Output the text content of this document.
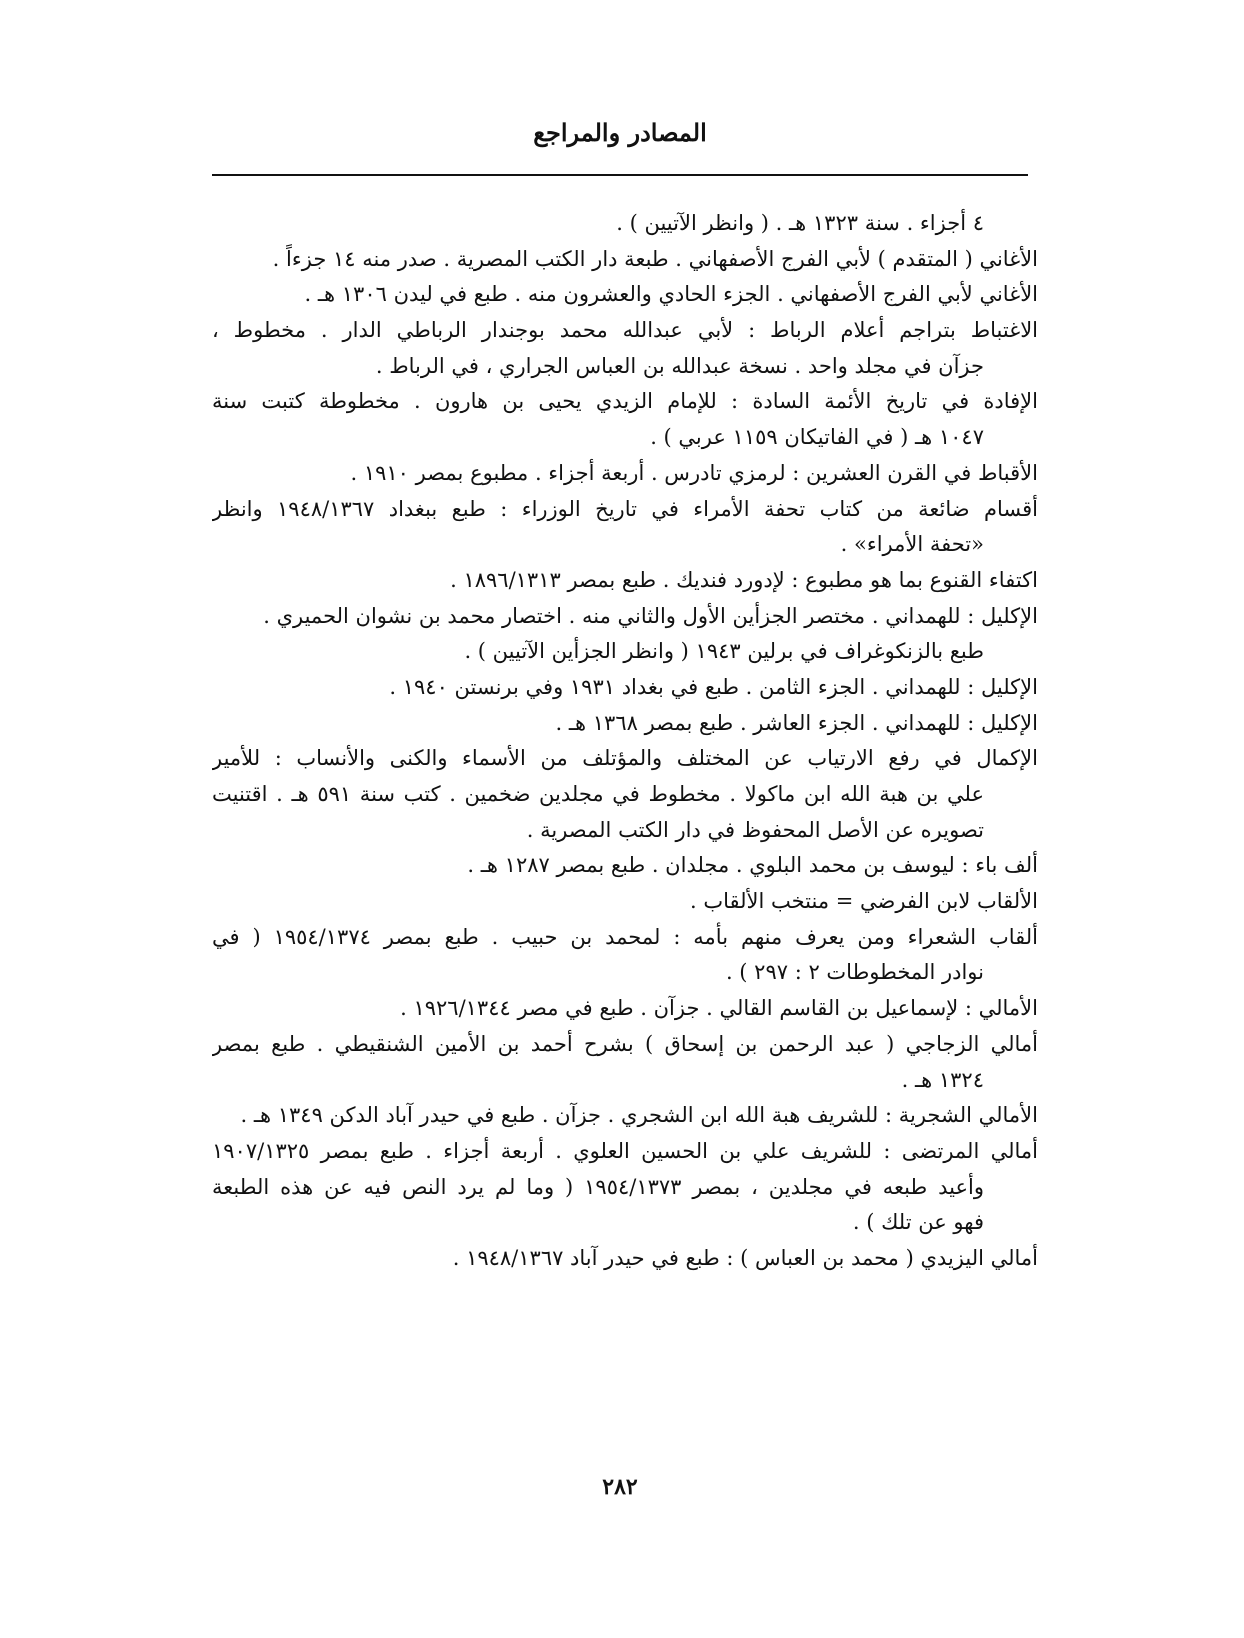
المصادر والمراجع
٤ أجزاء . سنة ١٣٢٣ هـ . ( وانظر الآتيين ) .
الأغاني ( المتقدم ) لأبي الفرج الأصفهاني . طبعة دار الكتب المصرية . صدر منه ١٤ جزءاً .
الأغاني لأبي الفرج الأصفهاني . الجزء الحادي والعشرون منه . طبع في ليدن ١٣٠٦ هـ .
الاغتباط بتراجم أعلام الرباط : لأبي عبدالله محمد بوجندار الرباطي الدار . مخطوط ،
جزآن في مجلد واحد . نسخة عبدالله بن العباس الجراري ، في الرباط .
الإفادة في تاريخ الأئمة السادة : للإمام الزيدي يحيى بن هارون . مخطوطة كتبت سنة
١٠٤٧ هـ ( في الفاتيكان ١١٥٩ عربي ) .
الأقباط في القرن العشرين : لرمزي تادرس . أربعة أجزاء . مطبوع بمصر ١٩١٠ .
أقسام ضائعة من كتاب تحفة الأمراء في تاريخ الوزراء : طبع ببغداد ١٩٤٨/١٣٦٧ وانظر
«تحفة الأمراء» .
اكتفاء القنوع بما هو مطبوع : لإدورد فنديك . طبع بمصر ١٨٩٦/١٣١٣ .
الإكليل : للهمداني . مختصر الجزأين الأول والثاني منه . اختصار محمد بن نشوان الحميري .
طبع بالزنكوغراف في برلين ١٩٤٣ ( وانظر الجزأين الآتيين ) .
الإكليل : للهمداني . الجزء الثامن . طبع في بغداد ١٩٣١ وفي برنستن ١٩٤٠ .
الإكليل : للهمداني . الجزء العاشر . طبع بمصر ١٣٦٨ هـ .
الإكمال في رفع الارتياب عن المختلف والمؤتلف من الأسماء والكنى والأنساب : للأمير
علي بن هبة الله ابن ماكولا . مخطوط في مجلدين ضخمين . كتب سنة ٥٩١ هـ . اقتنيت
تصويره عن الأصل المحفوظ في دار الكتب المصرية .
ألف باء : ليوسف بن محمد البلوي . مجلدان . طبع بمصر ١٢٨٧ هـ .
الألقاب لابن الفرضي = منتخب الألقاب .
ألقاب الشعراء ومن يعرف منهم بأمه : لمحمد بن حبيب . طبع بمصر ١٩٥٤/١٣٧٤ ( في
نوادر المخطوطات ٢ : ٢٩٧ ) .
الأمالي : لإسماعيل بن القاسم القالي . جزآن . طبع في مصر ١٩٢٦/١٣٤٤ .
أمالي الزجاجي ( عبد الرحمن بن إسحاق ) بشرح أحمد بن الأمين الشنقيطي . طبع بمصر
١٣٢٤ هـ .
الأمالي الشجرية : للشريف هبة الله ابن الشجري . جزآن . طبع في حيدر آباد الدكن ١٣٤٩ هـ .
أمالي المرتضى : للشريف علي بن الحسين العلوي . أربعة أجزاء . طبع بمصر ١٩٠٧/١٣٢٥
وأعيد طبعه في مجلدين ، بمصر ١٩٥٤/١٣٧٣ ( وما لم يرد النص فيه عن هذه الطبعة
فهو عن تلك ) .
أمالي اليزيدي ( محمد بن العباس ) : طبع في حيدر آباد ١٩٤٨/١٣٦٧ .
٢٨٢
